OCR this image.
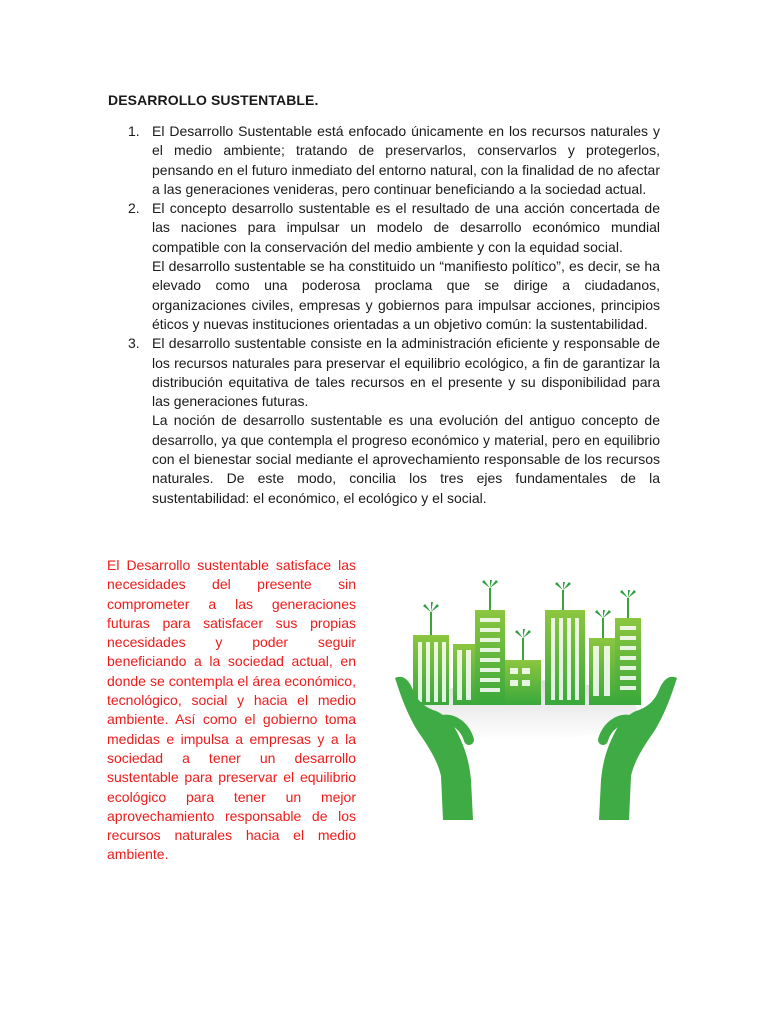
DESARROLLO SUSTENTABLE.
1. El Desarrollo Sustentable está enfocado únicamente en los recursos naturales y el medio ambiente; tratando de preservarlos, conservarlos y protegerlos, pensando en el futuro inmediato del entorno natural, con la finalidad de no afectar a las generaciones venideras, pero continuar beneficiando a la sociedad actual.

2. El concepto desarrollo sustentable es el resultado de una acción concertada de las naciones para impulsar un modelo de desarrollo económico mundial compatible con la conservación del medio ambiente y con la equidad social.

El desarrollo sustentable se ha constituido un “manifiesto político”, es decir, se ha elevado como una poderosa proclama que se dirige a ciudadanos, organizaciones civiles, empresas y gobiernos para impulsar acciones, principios éticos y nuevas instituciones orientadas a un objetivo común: la sustentabilidad.

3. El desarrollo sustentable consiste en la administración eficiente y responsable de los recursos naturales para preservar el equilibrio ecológico, a fin de garantizar la distribución equitativa de tales recursos en el presente y su disponibilidad para las generaciones futuras.

La noción de desarrollo sustentable es una evolución del antiguo concepto de desarrollo, ya que contempla el progreso económico y material, pero en equilibrio con el bienestar social mediante el aprovechamiento responsable de los recursos naturales. De este modo, concilia los tres ejes fundamentales de la sustentabilidad: el económico, el ecológico y el social.

El Desarrollo sustentable satisface las necesidades del presente sin comprometer a las generaciones futuras para satisfacer sus propias necesidades y poder seguir beneficiando a la sociedad actual, en donde se contempla el área económico, tecnológico, social y hacia el medio ambiente. Así como el gobierno toma medidas e impulsa a empresas y a la sociedad a tener un desarrollo sustentable para preservar el equilibrio ecológico para tener un mejor aprovechamiento responsable de los recursos naturales hacia el medio ambiente.
